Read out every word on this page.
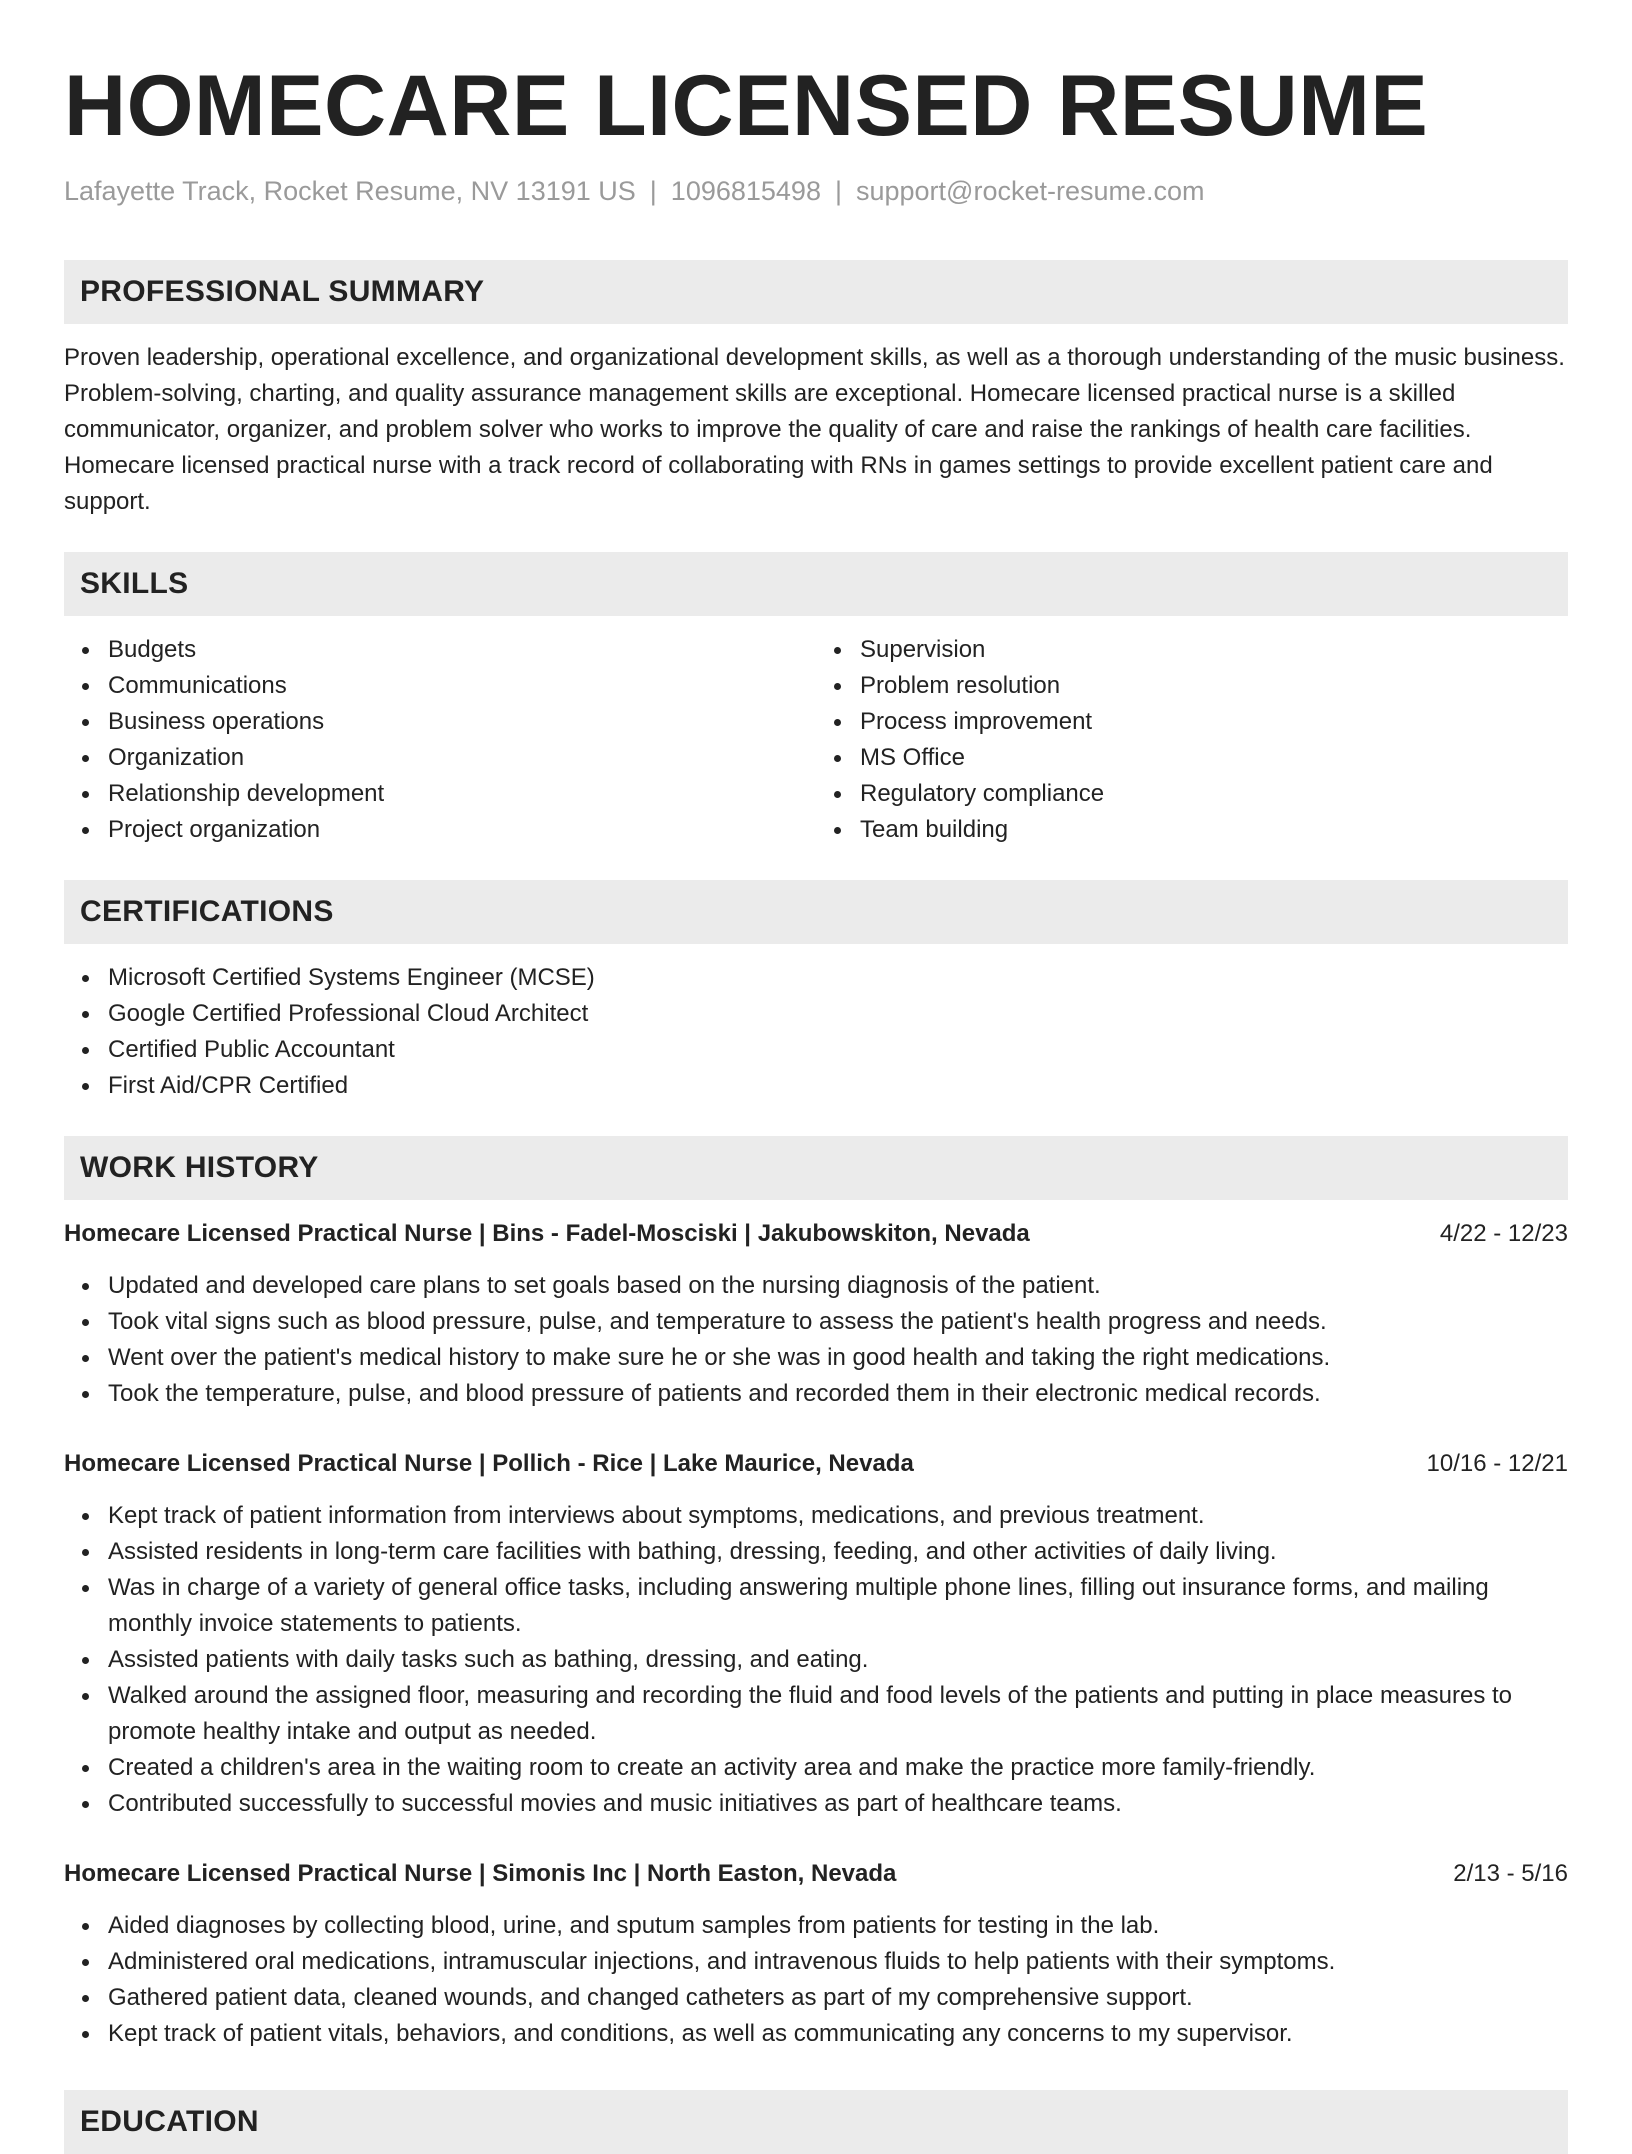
HOMECARE LICENSED RESUME
Lafayette Track, Rocket Resume, NV 13191 US | 1096815498 | support@rocket-resume.com
PROFESSIONAL SUMMARY

Proven leadership, operational excellence, and organizational development skills, as well as a thorough understanding of the music business. Problem-solving, charting, and quality assurance management skills are exceptional. Homecare licensed practical nurse is a skilled communicator, organizer, and problem solver who works to improve the quality of care and raise the rankings of health care facilities. Homecare licensed practical nurse with a track record of collaborating with RNs in games settings to provide excellent patient care and support.

SKILLS
Budgets
Communications
Business operations
Organization
Relationship development
Project organization
Supervision
Problem resolution
Process improvement
MS Office
Regulatory compliance
Team building
CERTIFICATIONS
Microsoft Certified Systems Engineer (MCSE)
Google Certified Professional Cloud Architect
Certified Public Accountant
First Aid/CPR Certified
WORK HISTORY
Homecare Licensed Practical Nurse | Bins - Fadel-Mosciski | Jakubowskiton, Nevada	4/22 - 12/23
Updated and developed care plans to set goals based on the nursing diagnosis of the patient.
Took vital signs such as blood pressure, pulse, and temperature to assess the patient's health progress and needs.
Went over the patient's medical history to make sure he or she was in good health and taking the right medications.
Took the temperature, pulse, and blood pressure of patients and recorded them in their electronic medical records.
Homecare Licensed Practical Nurse | Pollich - Rice | Lake Maurice, Nevada	10/16 - 12/21
Kept track of patient information from interviews about symptoms, medications, and previous treatment.
Assisted residents in long-term care facilities with bathing, dressing, feeding, and other activities of daily living.
Was in charge of a variety of general office tasks, including answering multiple phone lines, filling out insurance forms, and mailing monthly invoice statements to patients.
Assisted patients with daily tasks such as bathing, dressing, and eating.
Walked around the assigned floor, measuring and recording the fluid and food levels of the patients and putting in place measures to promote healthy intake and output as needed.
Created a children's area in the waiting room to create an activity area and make the practice more family-friendly.
Contributed successfully to successful movies and music initiatives as part of healthcare teams.
Homecare Licensed Practical Nurse | Simonis Inc | North Easton, Nevada	2/13 - 5/16
Aided diagnoses by collecting blood, urine, and sputum samples from patients for testing in the lab.
Administered oral medications, intramuscular injections, and intravenous fluids to help patients with their symptoms.
Gathered patient data, cleaned wounds, and changed catheters as part of my comprehensive support.
Kept track of patient vitals, behaviors, and conditions, as well as communicating any concerns to my supervisor.
EDUCATION
